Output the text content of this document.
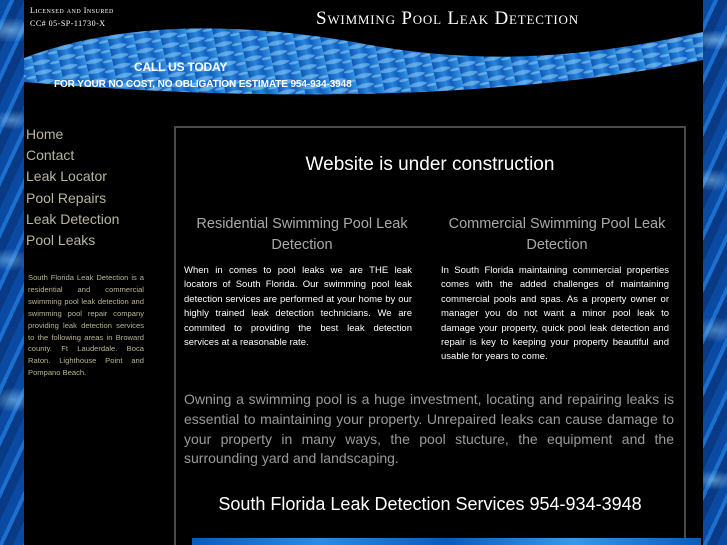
Licensed and Insured
CC# 05-SP-11730-X	Swimming Pool Leak Detection
CALL US TODAY
FOR YOUR NO COST, NO OBLIGATION ESTIMATE 954-934-3948
Home
Contact
Leak Locator
Pool Repairs
Leak Detection
Pool Leaks
South Florida Leak Detection is a residential and commercial swimming pool leak detection and swimming pool repair company providing leak detection services to the following areas in Broward county. Ft Lauderdale. Boca Raton. Lighthouse Point and Pompano Beach.
Website is under construction
Residential Swimming Pool Leak Detection
When in comes to pool leaks we are THE leak locators of South Florida. Our swimming pool leak detection services are performed at your home by our highly trained leak detection technicians. We are commited to providing the best leak detection services at a reasonable rate.
Commercial Swimming Pool Leak Detection
In South Florida maintaining commercial properties comes with the added challenges of maintaining commercial pools and spas. As a property owner or manager you do not want a minor pool leak to damage your property, quick pool leak detection and repair is key to keeping your property beautiful and usable for years to come.
Owning a swimming pool is a huge investment, locating and repairing leaks is essential to maintaining your property. Unrepaired leaks can cause damage to your property in many ways, the pool stucture, the equipment and the surrounding yard and landscaping.
South Florida Leak Detection Services 954-934-3948
